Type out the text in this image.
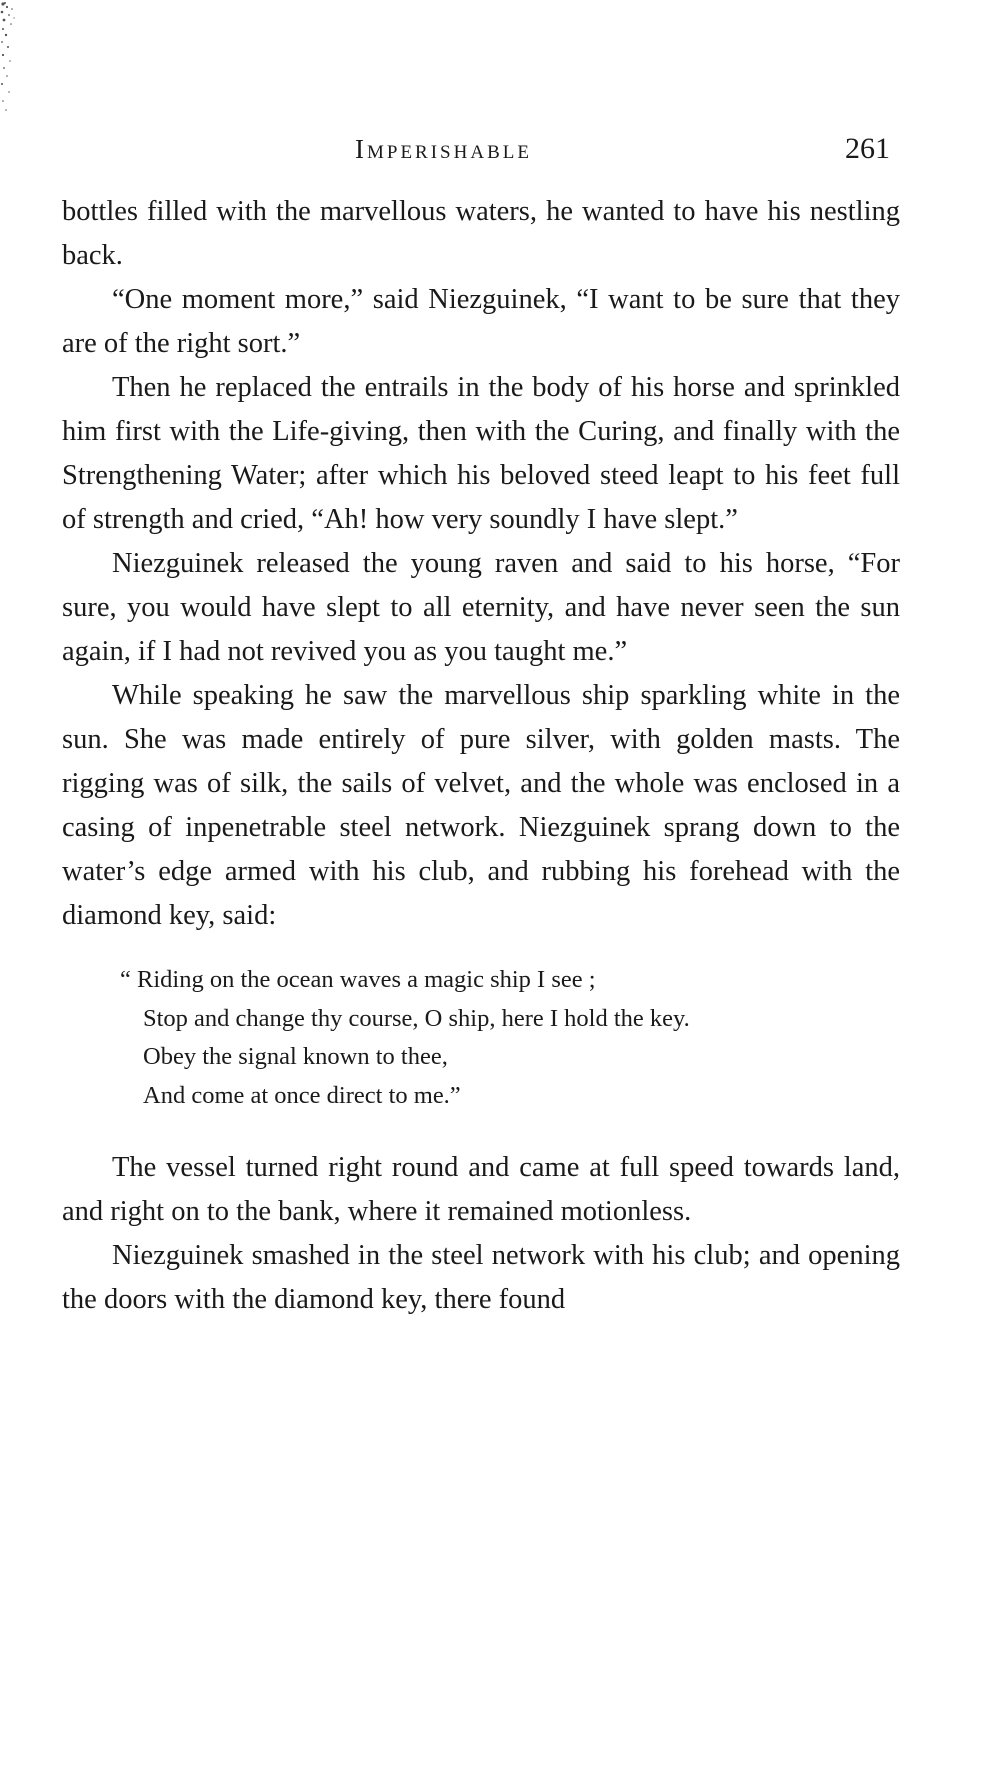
Imperishable	261

bottles filled with the marvellous waters, he wanted to have his nestling back.

“One moment more,” said Niezguinek, “I want to be sure that they are of the right sort.”

Then he replaced the entrails in the body of his horse and sprinkled him first with the Life-giving, then with the Curing, and finally with the Strengthening Water; after which his beloved steed leapt to his feet full of strength and cried, “Ah! how very soundly I have slept.”

Niezguinek released the young raven and said to his horse, “For sure, you would have slept to all eternity, and have never seen the sun again, if I had not revived you as you taught me.”

While speaking he saw the marvellous ship sparkling white in the sun. She was made entirely of pure silver, with golden masts. The rigging was of silk, the sails of velvet, and the whole was enclosed in a casing of inpenetrable steel network. Niezguinek sprang down to the water’s edge armed with his club, and rubbing his forehead with the diamond key, said:

“ Riding on the ocean waves a magic ship I see ;
Stop and change thy course, O ship, here I hold the key.
Obey the signal known to thee,
And come at once direct to me.”

The vessel turned right round and came at full speed towards land, and right on to the bank, where it remained motionless.

Niezguinek smashed in the steel network with his club; and opening the doors with the diamond key, there found
